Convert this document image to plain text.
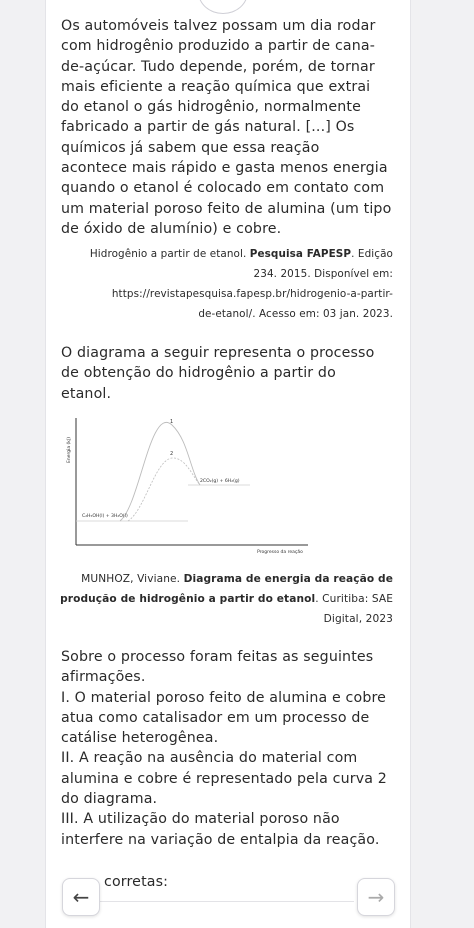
Os automóveis talvez possam um dia rodar

com hidrogênio produzido a partir de cana-

de-açúcar. Tudo depende, porém, de tornar

mais eficiente a reação química que extrai

do etanol o gás hidrogênio, normalmente

fabricado a partir de gás natural. [...] Os

químicos já sabem que essa reação

acontece mais rápido e gasta menos energia

quando o etanol é colocado em contato com

um material poroso feito de alumina (um tipo

de óxido de alumínio) e cobre.

Hidrogênio a partir de etanol. Pesquisa FAPESP. Edição

234. 2015. Disponível em:

https://revistapesquisa.fapesp.br/hidrogenio-a-partir-

de-etanol/. Acesso em: 03 jan. 2023.

O diagrama a seguir representa o processo

de obtenção do hidrogênio a partir do

etanol.

Energia (kJ)
Progresso da reação
1
2
2CO₂(g) + 6H₂(g)
C₂H₅OH(l) + 3H₂O(l)

MUNHOZ, Viviane. Diagrama de energia da reação de

produção de hidrogênio a partir do etanol. Curitiba: SAE

Digital, 2023

Sobre o processo foram feitas as seguintes

afirmações.

I. O material poroso feito de alumina e cobre

atua como catalisador em um processo de

catálise heterogênea.

II. A reação na ausência do material com

alumina e cobre é representado pela curva 2

do diagrama.

III. A utilização do material poroso não

interfere na variação de entalpia da reação.

corretas:

←	→
